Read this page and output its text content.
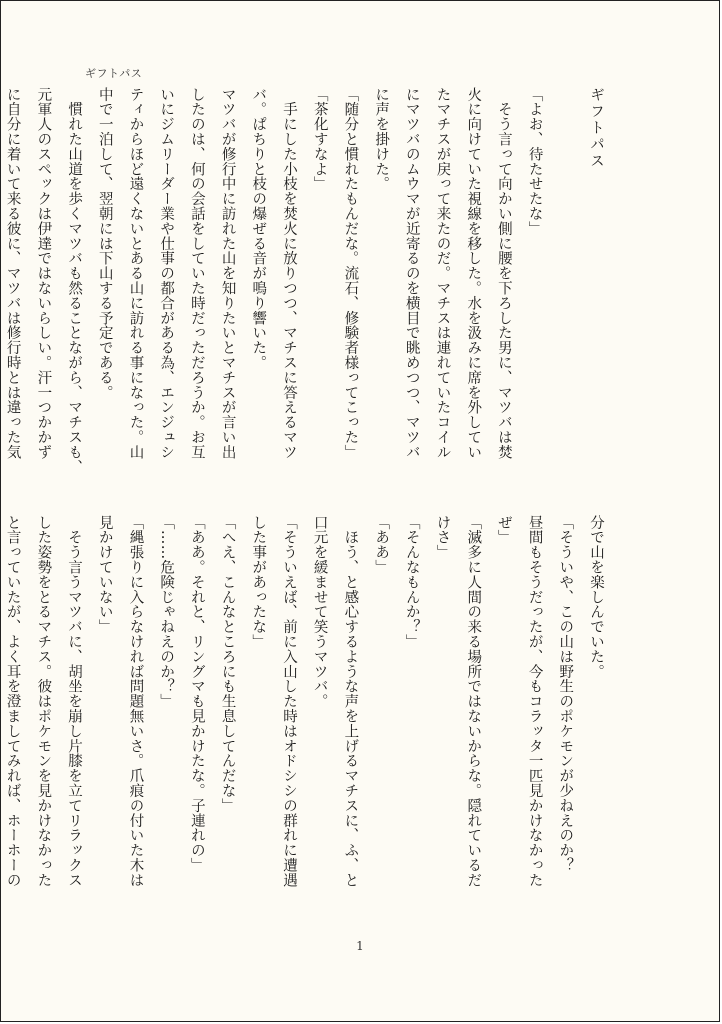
ギフトパス

ギフトパス

「よお、待たせたな」

　そう言って向かい側に腰を下ろした男に、マツバは焚

火に向けていた視線を移した。水を汲みに席を外してい

たマチスが戻って来たのだ。マチスは連れていたコイル

にマツバのムウマが近寄るのを横目で眺めつつ、マツバ

に声を掛けた。

「随分と慣れたもんだな。流石、修験者様ってこった」

「茶化すなよ」

　手にした小枝を焚火に放りつつ、マチスに答えるマツ

バ。ぱちりと枝の爆ぜる音が鳴り響いた。

マツバが修行中に訪れた山を知りたいとマチスが言い出

したのは、何の会話をしていた時だっただろうか。お互

いにジムリーダー業や仕事の都合がある為、エンジュシ

ティからほど遠くないとある山に訪れる事になった。山

中で一泊して、翌朝には下山する予定である。

　慣れた山道を歩くマツバも然ることながら、マチスも、

元軍人のスペックは伊達ではないらしい。汗一つかかず

に自分に着いて来る彼に、マツバは修行時とは違った気

分で山を楽しんでいた。

「そういや、この山は野生のポケモンが少ねえのか？

昼間もそうだったが、今もコラッタ一匹見かけなかった

ぜ」

「滅多に人間の来る場所ではないからな。隠れているだ

けさ」

「そんなもんか？」

「ああ」

　ほう、と感心するような声を上げるマチスに、ふ、と

口元を緩ませて笑うマツバ。

「そういえば、前に入山した時はオドシシの群れに遭遇

した事があったな」

「へえ、こんなところにも生息してんだな」

「ああ。それと、リングマも見かけたな。子連れの」

「……危険じゃねえのか？」

「縄張りに入らなければ問題無いさ。爪痕の付いた木は

見かけていない」

　そう言うマツバに、胡坐を崩し片膝を立てリラックス

した姿勢をとるマチス。彼はポケモンを見かけなかった

と言っていたが、よく耳を澄ましてみれば、ホーホーの

1
